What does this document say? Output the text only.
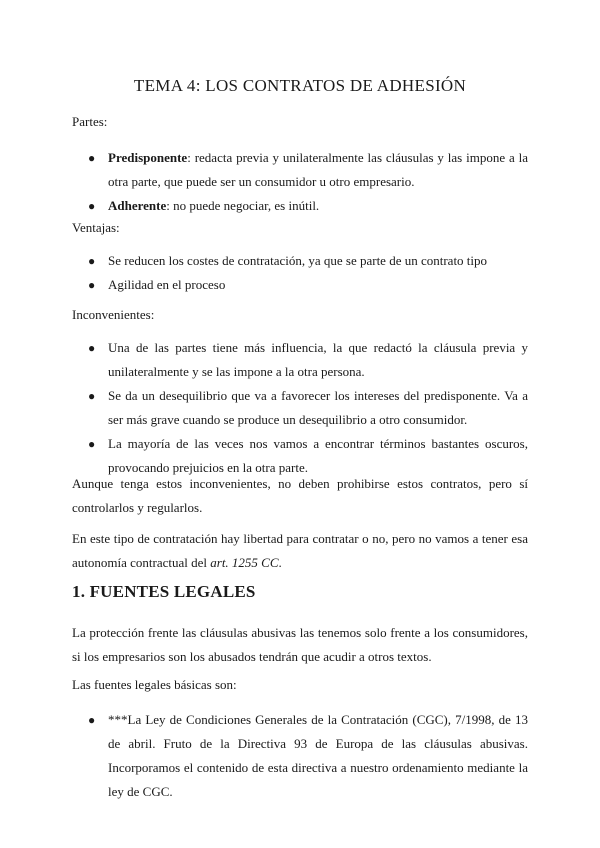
TEMA 4: LOS CONTRATOS DE ADHESIÓN

Partes:

● Predisponente: redacta previa y unilateralmente las cláusulas y las impone a la otra parte, que puede ser un consumidor u otro empresario.
● Adherente: no puede negociar, es inútil.

Ventajas:

● Se reducen los costes de contratación, ya que se parte de un contrato tipo
● Agilidad en el proceso

Inconvenientes:

● Una de las partes tiene más influencia, la que redactó la cláusula previa y unilateralmente y se las impone a la otra persona.
● Se da un desequilibrio que va a favorecer los intereses del predisponente. Va a ser más grave cuando se produce un desequilibrio a otro consumidor.
● La mayoría de las veces nos vamos a encontrar términos bastantes oscuros, provocando prejuicios en la otra parte.

Aunque tenga estos inconvenientes, no deben prohibirse estos contratos, pero sí controlarlos y regularlos.

En este tipo de contratación hay libertad para contratar o no, pero no vamos a tener esa autonomía contractual del art. 1255 CC.

1. FUENTES LEGALES

La protección frente las cláusulas abusivas las tenemos solo frente a los consumidores, si los empresarios son los abusados tendrán que acudir a otros textos.

Las fuentes legales básicas son:

● ***La Ley de Condiciones Generales de la Contratación (CGC), 7/1998, de 13 de abril. Fruto de la Directiva 93 de Europa de las cláusulas abusivas. Incorporamos el contenido de esta directiva a nuestro ordenamiento mediante la ley de CGC.
